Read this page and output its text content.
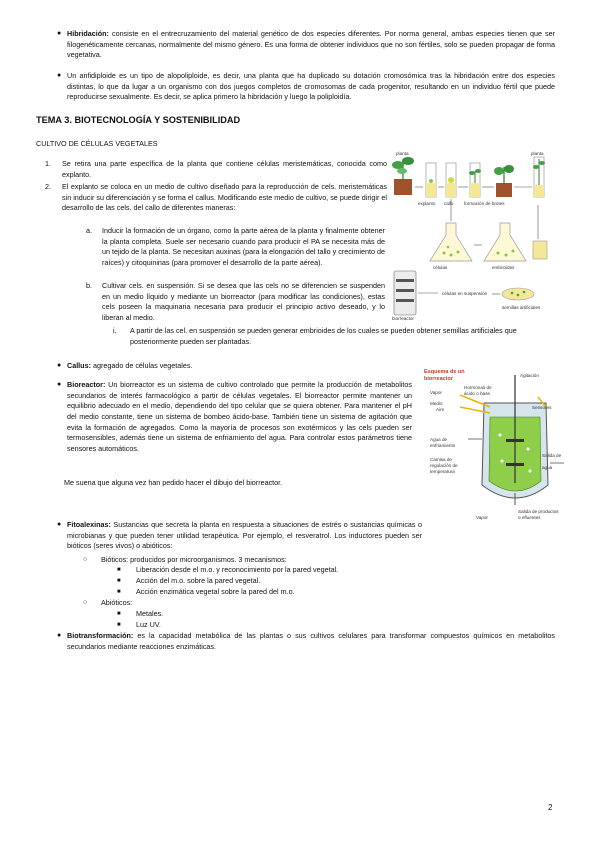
● Hibridación: consiste en el entrecruzamiento del material genético de dos especies diferentes. Por norma general, ambas especies tienen que ser filogenéticamente cercanas, normalmente del mismo género. Es una forma de obtener individuos que no son fértiles, solo se pueden propagar de forma vegetativa.

● Un anfidiploide es un tipo de alopoliploide, es decir, una planta que ha duplicado su dotación cromosómica tras la hibridación entre dos especies distintas, lo que da lugar a un organismo con dos juegos completos de cromosomas de cada progenitor, resultando en un individuo fértil que puede reproducirse sexualmente. Es decir, se aplica primero la hibridación y luego la poliploidía.

TEMA 3. BIOTECNOLOGÍA Y SOSTENIBILIDAD
CULTIVO DE CÉLULAS VEGETALES
1. Se retira una parte específica de la planta que contiene células meristemáticas, conocida como explanto.

2. El explanto se coloca en un medio de cultivo diseñado para la reproducción de cels. meristemáticas sin inducir su diferenciación y se forma el callus. Modificando este medio de cultivo, se puede dirigir el desarrollo de las cels. del callo de diferentes maneras:

a. Inducir la formación de un órgano, como la parte aérea de la planta y finalmente obtener la planta completa. Suele ser necesario cuando para producir el PA se necesita más de un tejido de la planta. Se necesitan auxinas (para la elongación del tallo y crecimiento de raíces) y citoquininas (para promover el desarrollo de la parte aérea).

b. Cultivar cels. en suspensión. Si se desea que las cels no se diferencien se suspenden en un medio líquido y mediante un biorreactor (para modificar las condiciones), estas cels poseen la maquinaria necesaria para producir el principio activo deseado, y lo liberan al medio.

i. A partir de las cel. en suspensión se pueden generar embrioides de los cuales se pueden obtener semillas artificiales que posteriormente pueden ser plantadas.

planta
explanto callo formación de brotes
planta
células	embrioides
biorreactor
células en suspensión
semillas artificiales
● Callus: agregado de células vegetales.

● Bioreactor: Un biorreactor es un sistema de cultivo controlado que permite la producción de metabolitos secundarios de interés farmacológico a partir de células vegetales. El biorreactor permite mantener un equilibrio adecuado en el medio, dependiendo del tipo celular que se quiera obtener. Para mantener el pH del medio constante, tiene un sistema de bombeo ácido-base. También tiene un sistema de agitación que evita la formación de agregados. Como la mayoría de procesos son exotérmicos y las cels pueden ser termosensibles, además tiene un sistema de enfriamiento del agua. Para controlar estos parámetros tiene sensores automáticos.

Me suena que alguna vez han pedido hacer el dibujo del biorreactor.

Esquema de un
biorreactor
Agitación
Vapor
Hormonas de
ácido o base
Medio
Aire	Sensores
Agua de
enfriamiento
Camisa de
regulación de
temperatura
Salida de
agua
Vapor
Salida de productos
o efluentes
● Fitoalexinas: Sustancias que secreta la planta en respuesta a situaciones de estrés o sustancias químicas o microbianas y que pueden tener utilidad terapéutica. Por ejemplo, el resveratrol. Los inductores pueden ser bióticos (seres vivos) o abióticos:

○ Bióticos: producidos por microorganismos. 3 mecanismos:

■ Liberación desde el m.o. y reconocimiento por la pared vegetal.

■ Acción del m.o. sobre la pared vegetal.

■ Acción enzimática vegetal sobre la pared del m.o.

○ Abióticos:

■ Metales.

■ Luz UV.

● Biotransformación: es la capacidad metabólica de las plantas o sus cultivos celulares para transformar compuestos químicos en metabolitos secundarios mediante reacciones enzimáticas.

2
